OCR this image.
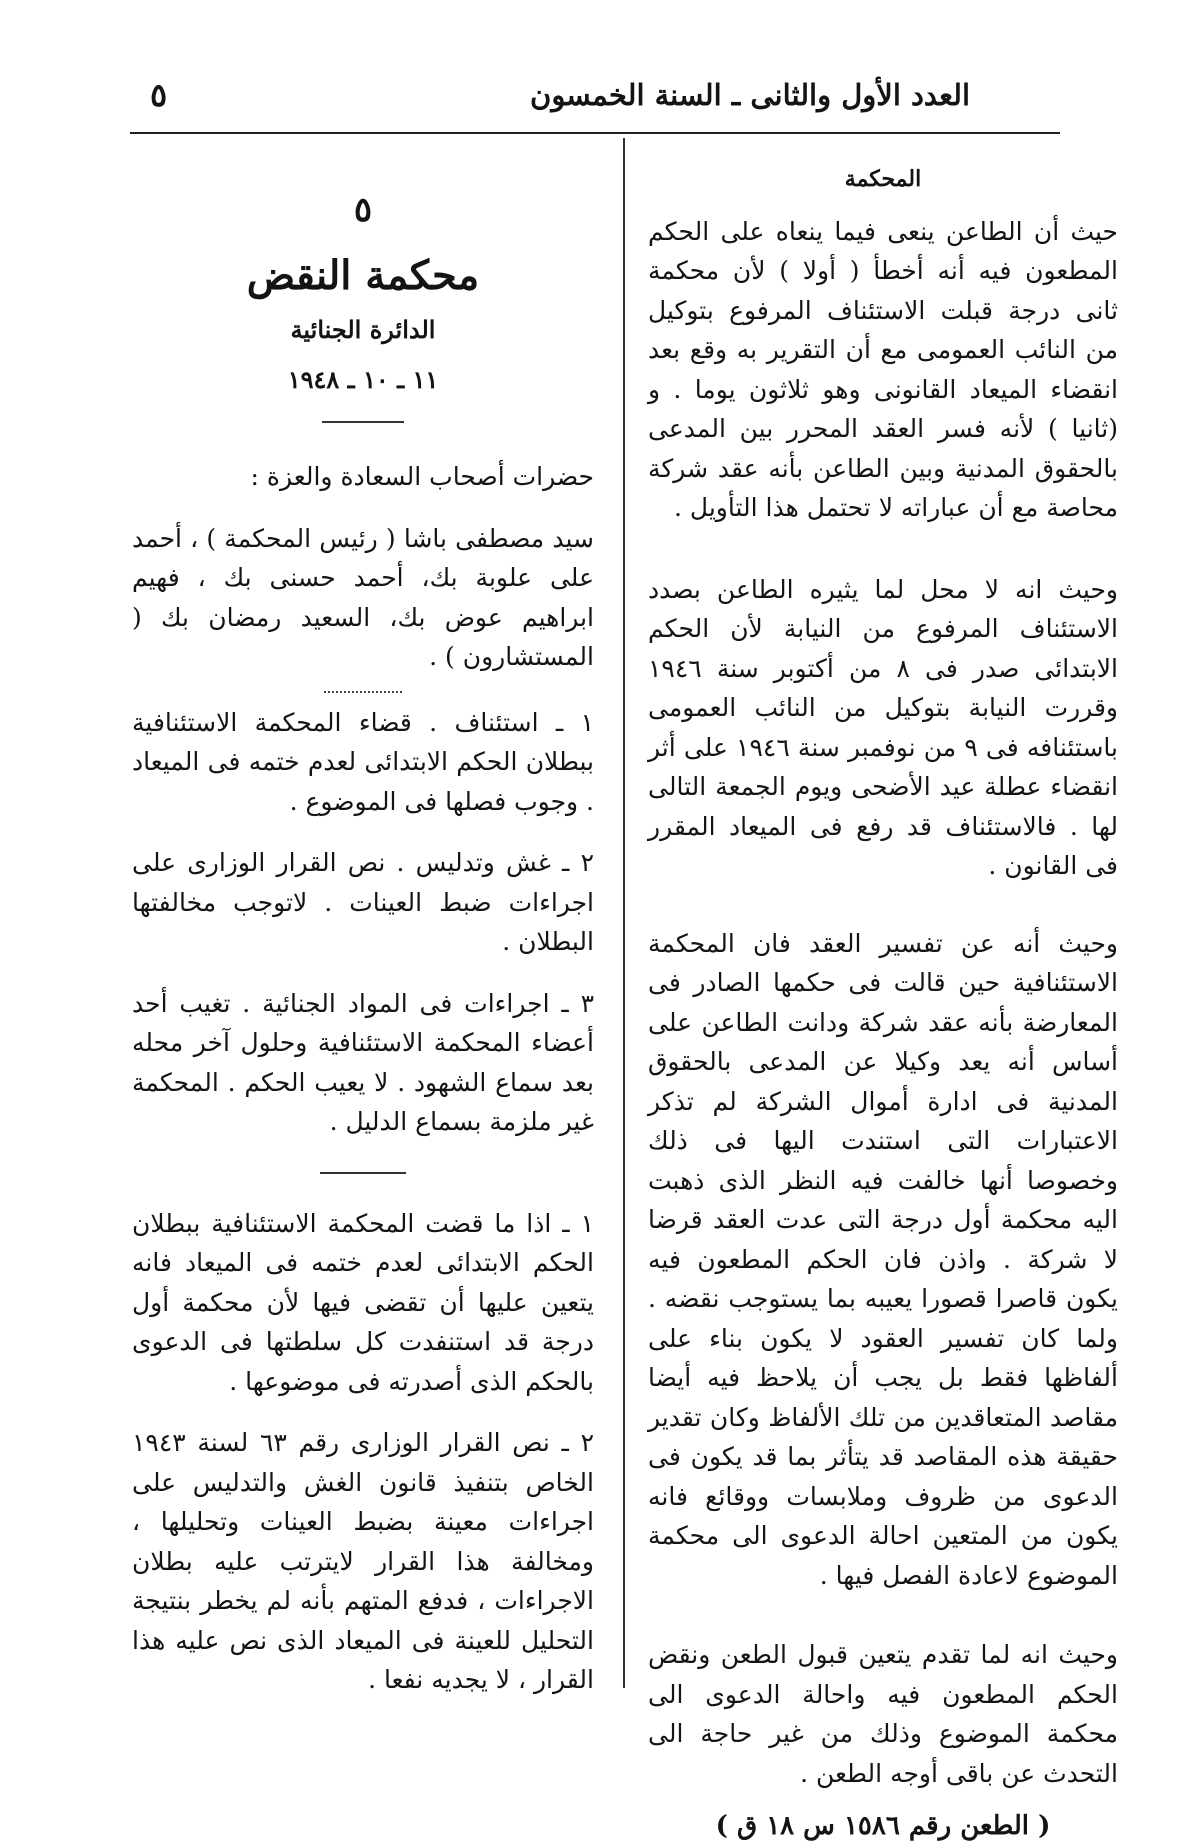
العدد الأول والثانى ـ السنة الخمسون
٥

المحكمة

حيث أن الطاعن ينعى فيما ينعاه على الحكم المطعون فيه أنه أخطأ ( أولا ) لأن محكمة ثانى درجة قبلت الاستئناف المرفوع بتوكيل من النائب العمومى مع أن التقرير به وقع بعد انقضاء الميعاد القانونى وهو ثلاثون يوما . و (ثانيا ) لأنه فسر العقد المحرر بين المدعى بالحقوق المدنية وبين الطاعن بأنه عقد شركة محاصة مع أن عباراته لا تحتمل هذا التأويل .

وحيث انه لا محل لما يثيره الطاعن بصدد الاستئناف المرفوع من النيابة لأن الحكم الابتدائى صدر فى ٨ من أكتوبر سنة ١٩٤٦ وقررت النيابة بتوكيل من النائب العمومى باستئنافه فى ٩ من نوفمبر سنة ١٩٤٦ على أثر انقضاء عطلة عيد الأضحى ويوم الجمعة التالى لها . فالاستئناف قد رفع فى الميعاد المقرر فى القانون .

وحيث أنه عن تفسير العقد فان المحكمة الاستئنافية حين قالت فى حكمها الصادر فى المعارضة بأنه عقد شركة ودانت الطاعن على أساس أنه يعد وكيلا عن المدعى بالحقوق المدنية فى ادارة أموال الشركة لم تذكر الاعتبارات التى استندت اليها فى ذلك وخصوصا أنها خالفت فيه النظر الذى ذهبت اليه محكمة أول درجة التى عدت العقد قرضا لا شركة . واذن فان الحكم المطعون فيه يكون قاصرا قصورا يعيبه بما يستوجب نقضه . ولما كان تفسير العقود لا يكون بناء على ألفاظها فقط بل يجب أن يلاحظ فيه أيضا مقاصد المتعاقدين من تلك الألفاظ وكان تقدير حقيقة هذه المقاصد قد يتأثر بما قد يكون فى الدعوى من ظروف وملابسات ووقائع فانه يكون من المتعين احالة الدعوى الى محكمة الموضوع لاعادة الفصل فيها .

وحيث انه لما تقدم يتعين قبول الطعن ونقض الحكم المطعون فيه واحالة الدعوى الى محكمة الموضوع وذلك من غير حاجة الى التحدث عن باقى أوجه الطعن .

( الطعن رقم ١٥٨٦ س ١٨ ق )

٥

محكمة النقض

الدائرة الجنائية

١١ ـ ١٠ ـ ١٩٤٨

حضرات أصحاب السعادة والعزة :

سيد مصطفى باشا ( رئيس المحكمة ) ، أحمد على علوبة بك، أحمد حسنى بك ، فهيم ابراهيم عوض بك، السعيد رمضان بك ( المستشارون ) .

١ ـ استئناف . قضاء المحكمة الاستئنافية ببطلان الحكم الابتدائى لعدم ختمه فى الميعاد . وجوب فصلها فى الموضوع .

٢ ـ غش وتدليس . نص القرار الوزارى على اجراءات ضبط العينات . لاتوجب مخالفتها البطلان .

٣ ـ اجراءات فى المواد الجنائية . تغيب أحد أعضاء المحكمة الاستئنافية وحلول آخر محله بعد سماع الشهود . لا يعيب الحكم . المحكمة غير ملزمة بسماع الدليل .

١ ـ اذا ما قضت المحكمة الاستئنافية ببطلان الحكم الابتدائى لعدم ختمه فى الميعاد فانه يتعين عليها أن تقضى فيها لأن محكمة أول درجة قد استنفدت كل سلطتها فى الدعوى بالحكم الذى أصدرته فى موضوعها .

٢ ـ نص القرار الوزارى رقم ٦٣ لسنة ١٩٤٣ الخاص بتنفيذ قانون الغش والتدليس على اجراءات معينة بضبط العينات وتحليلها ، ومخالفة هذا القرار لايترتب عليه بطلان الاجراءات ، فدفع المتهم بأنه لم يخطر بنتيجة التحليل للعينة فى الميعاد الذى نص عليه هذا القرار ، لا يجديه نفعا .
